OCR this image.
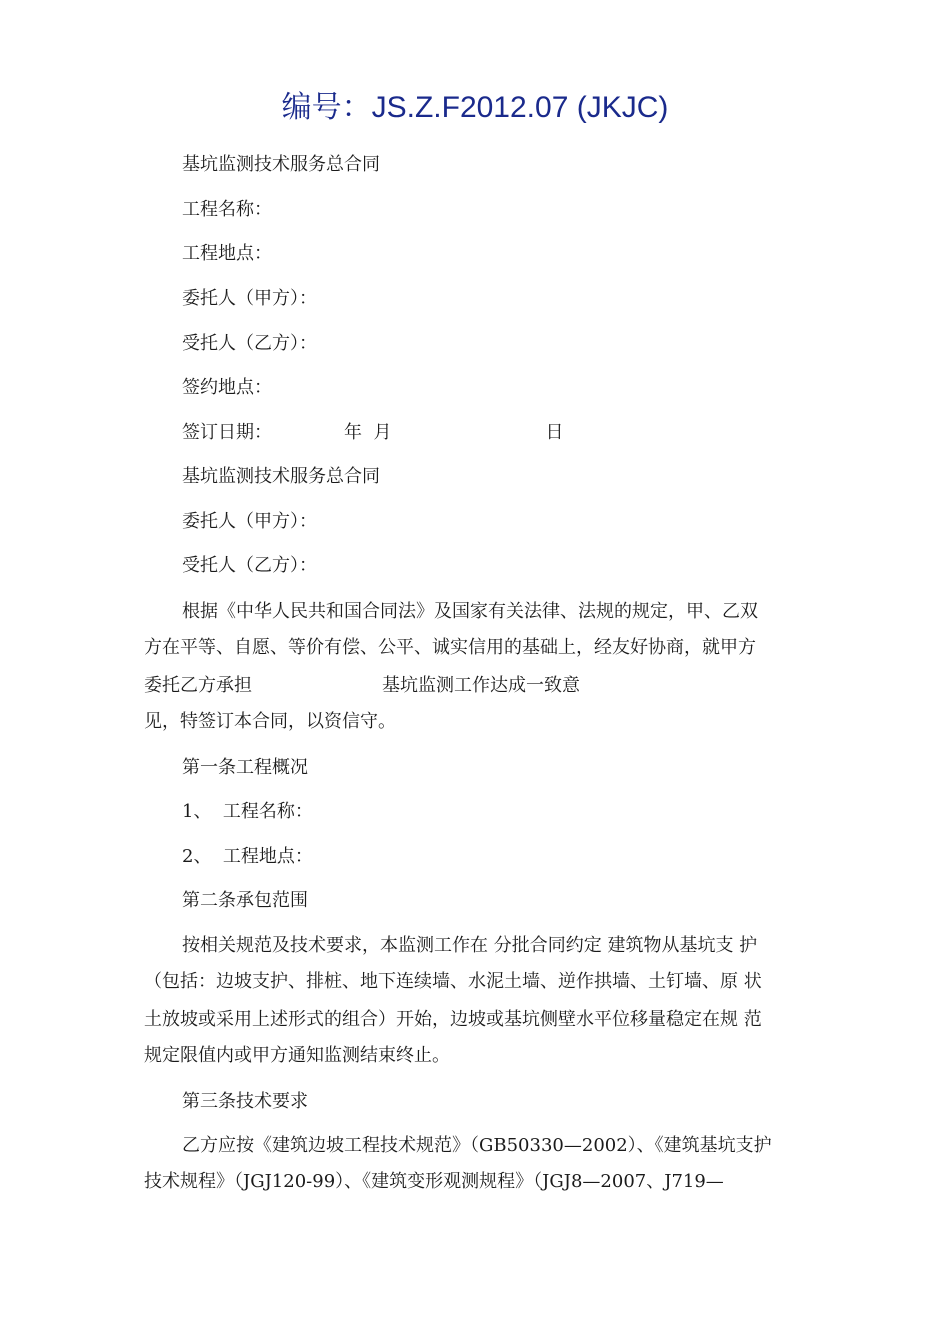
编号：JS.Z.F2012.07 (JKJC)
基坑监测技术服务总合同
工程名称：
工程地点：
委托人（甲方）：
受托人（乙方）：
签约地点：
签订日期：	年  月	日
基坑监测技术服务总合同
委托人（甲方）：
受托人（乙方）：
根据《中华人民共和国合同法》及国家有关法律、法规的规定，甲、乙双
方在平等、自愿、等价有偿、公平、诚实信用的基础上，经友好协商，就甲方
委托乙方承担	基坑监测工作达成一致意
见，特签订本合同，以资信守。
第一条工程概况
1、  工程名称：
2、  工程地点：
第二条承包范围
按相关规范及技术要求，本监测工作在 分批合同约定 建筑物从基坑支 护
（包括：边坡支护、排桩、地下连续墙、水泥土墙、逆作拱墙、土钉墙、原 状
土放坡或采用上述形式的组合）开始，边坡或基坑侧壁水平位移量稳定在规 范
规定限值内或甲方通知监测结束终止。
第三条技术要求
乙方应按《建筑边坡工程技术规范》（GB50330—2002）、《建筑基坑支护
技术规程》（JGJ120-99）、《建筑变形观测规程》（JGJ8—2007、J719—
